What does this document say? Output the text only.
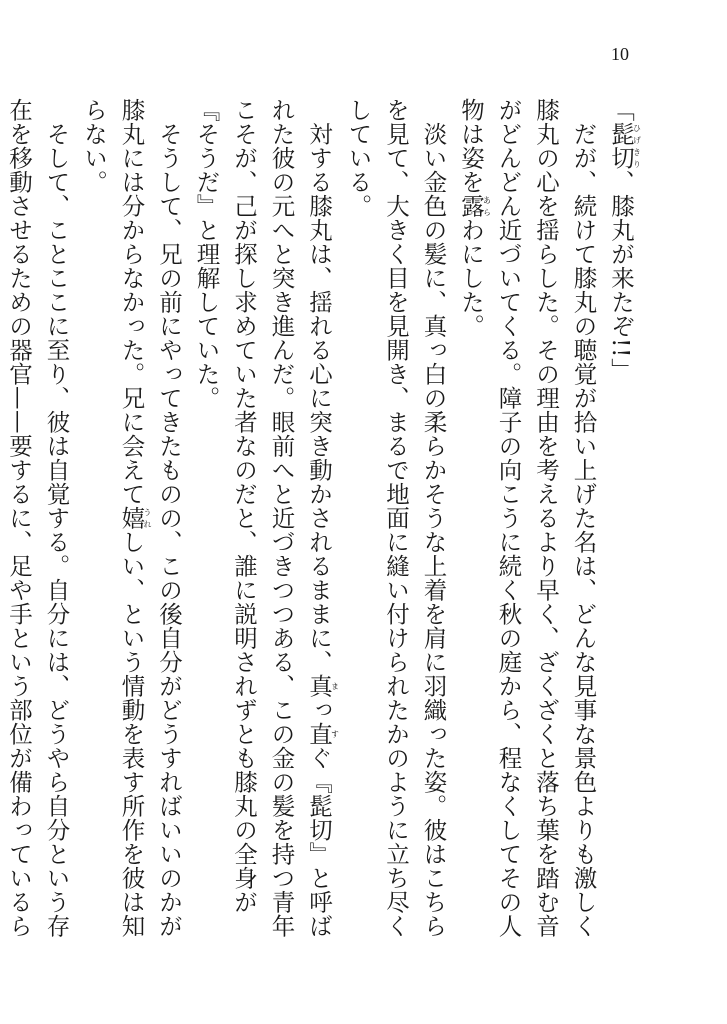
10

「髭切ひげきり、膝丸が来たぞ!!」

だが、続けて膝丸の聴覚が拾い上げた名は、どんな見事な景色よりも激しく膝丸の心を揺らした。その理由を考えるより早く、ざくざくと落ち葉を踏む音がどんどん近づいてくる。障子の向こうに続く秋の庭から、程なくしてその人物は姿を露あらわにした。

淡い金色の髪に、真っ白の柔らかそうな上着を肩に羽織った姿。彼はこちらを見て、大きく目を見開き、まるで地面に縫い付けられたかのように立ち尽くしている。

対する膝丸は、揺れる心に突き動かされるままに、真っ直ま すぐ『髭切』と呼ばれた彼の元へと突き進んだ。眼前へと近づきつつある、この金の髪を持つ青年こそが、己が探し求めていた者なのだと、誰に説明されずとも膝丸の全身が『そうだ』と理解していた。

そうして、兄の前にやってきたものの、この後自分がどうすればいいのかが膝丸には分からなかった。兄に会えて嬉うれしい、という情動を表す所作を彼は知らない。

そして、ことここに至り、彼は自覚する。自分には、どうやら自分という存在を移動させるための器官——要するに、足や手という部位が備わっているら
